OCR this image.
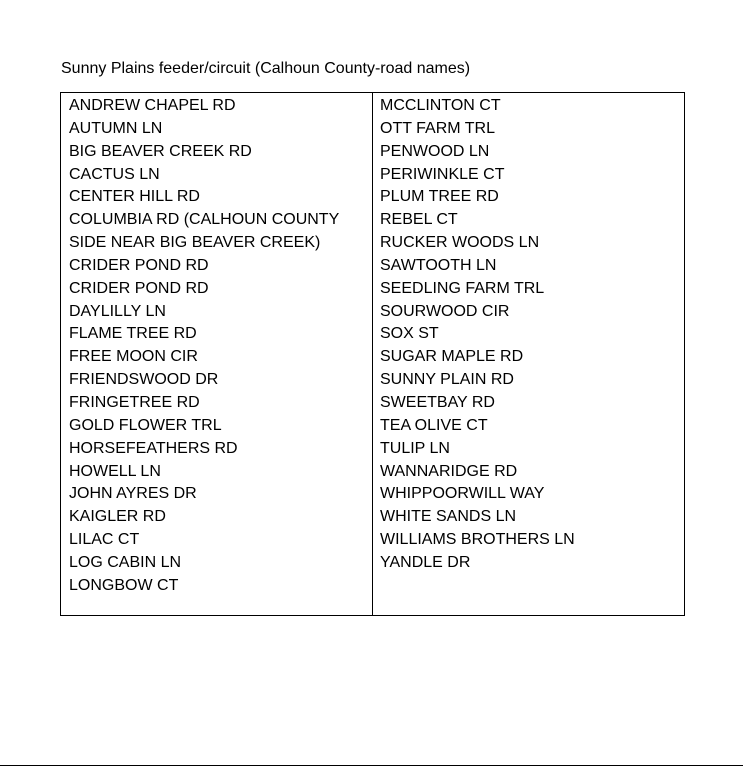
Sunny Plains feeder/circuit (Calhoun County-road names)
ANDREW CHAPEL RD
AUTUMN LN
BIG BEAVER CREEK RD
CACTUS LN
CENTER HILL RD
COLUMBIA RD (CALHOUN COUNTY
SIDE NEAR BIG BEAVER CREEK)
CRIDER POND RD
CRIDER POND RD
DAYLILLY LN
FLAME TREE RD
FREE MOON CIR
FRIENDSWOOD DR
FRINGETREE RD
GOLD FLOWER TRL
HORSEFEATHERS RD
HOWELL LN
JOHN AYRES DR
KAIGLER RD
LILAC CT
LOG CABIN LN
LONGBOW CT
MCCLINTON CT
OTT FARM TRL
PENWOOD LN
PERIWINKLE CT
PLUM TREE RD
REBEL CT
RUCKER WOODS LN
SAWTOOTH LN
SEEDLING FARM TRL
SOURWOOD CIR
SOX ST
SUGAR MAPLE RD
SUNNY PLAIN RD
SWEETBAY RD
TEA OLIVE CT
TULIP LN
WANNARIDGE RD
WHIPPOORWILL WAY
WHITE SANDS LN
WILLIAMS BROTHERS LN
YANDLE DR
